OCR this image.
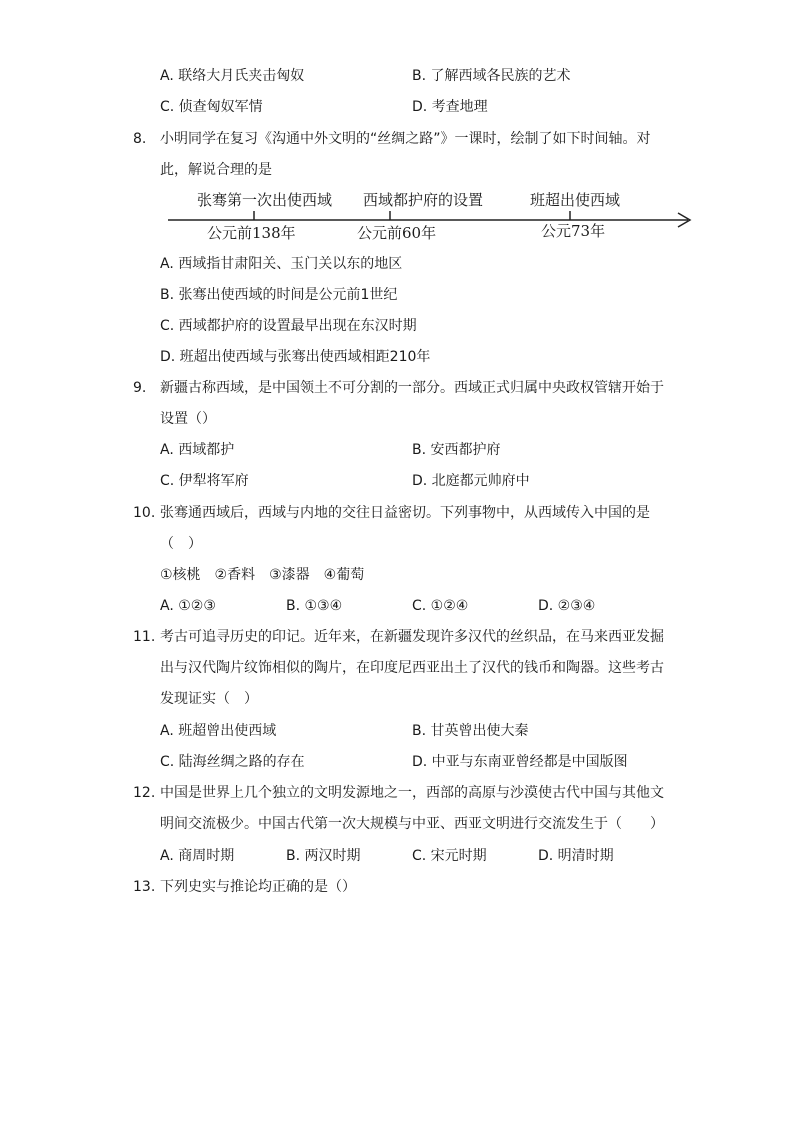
A. 联络大月氏夹击匈奴	B. 了解西域各民族的艺术
C. 侦查匈奴军情	D. 考查地理
8. 小明同学在复习《沟通中外文明的“丝绸之路”》一课时，绘制了如下时间轴。对
此，解说合理的是
张骞第一次出使西域 西域都护府的设置	班超出使西域
公元前138年	公元前60年	公元73年
A. 西域指甘肃阳关、玉门关以东的地区
B. 张骞出使西域的时间是公元前1世纪
C. 西域都护府的设置最早出现在东汉时期
D. 班超出使西域与张骞出使西域相距210年
9. 新疆古称西域，是中国领土不可分割的一部分。西域正式归属中央政权管辖开始于
设置（）
A. 西域都护	B. 安西都护府
C. 伊犁将军府	D. 北庭都元帅府中
10. 张骞通西域后，西域与内地的交往日益密切。下列事物中，从西域传入中国的是
（　）
①核桃　②香料　③漆器　④葡萄
A. ①②③	B. ①③④	C. ①②④	D. ②③④
11. 考古可追寻历史的印记。近年来，在新疆发现许多汉代的丝织品，在马来西亚发掘
出与汉代陶片纹饰相似的陶片，在印度尼西亚出土了汉代的钱币和陶器。这些考古
发现证实（　）
A. 班超曾出使西域	B. 甘英曾出使大秦
C. 陆海丝绸之路的存在	D. 中亚与东南亚曾经都是中国版图
12. 中国是世界上几个独立的文明发源地之一，西部的高原与沙漠使古代中国与其他文
明间交流极少。中国古代第一次大规模与中亚、西亚文明进行交流发生于（　　）
A. 商周时期	B. 两汉时期	C. 宋元时期	D. 明清时期
13. 下列史实与推论均正确的是（）
